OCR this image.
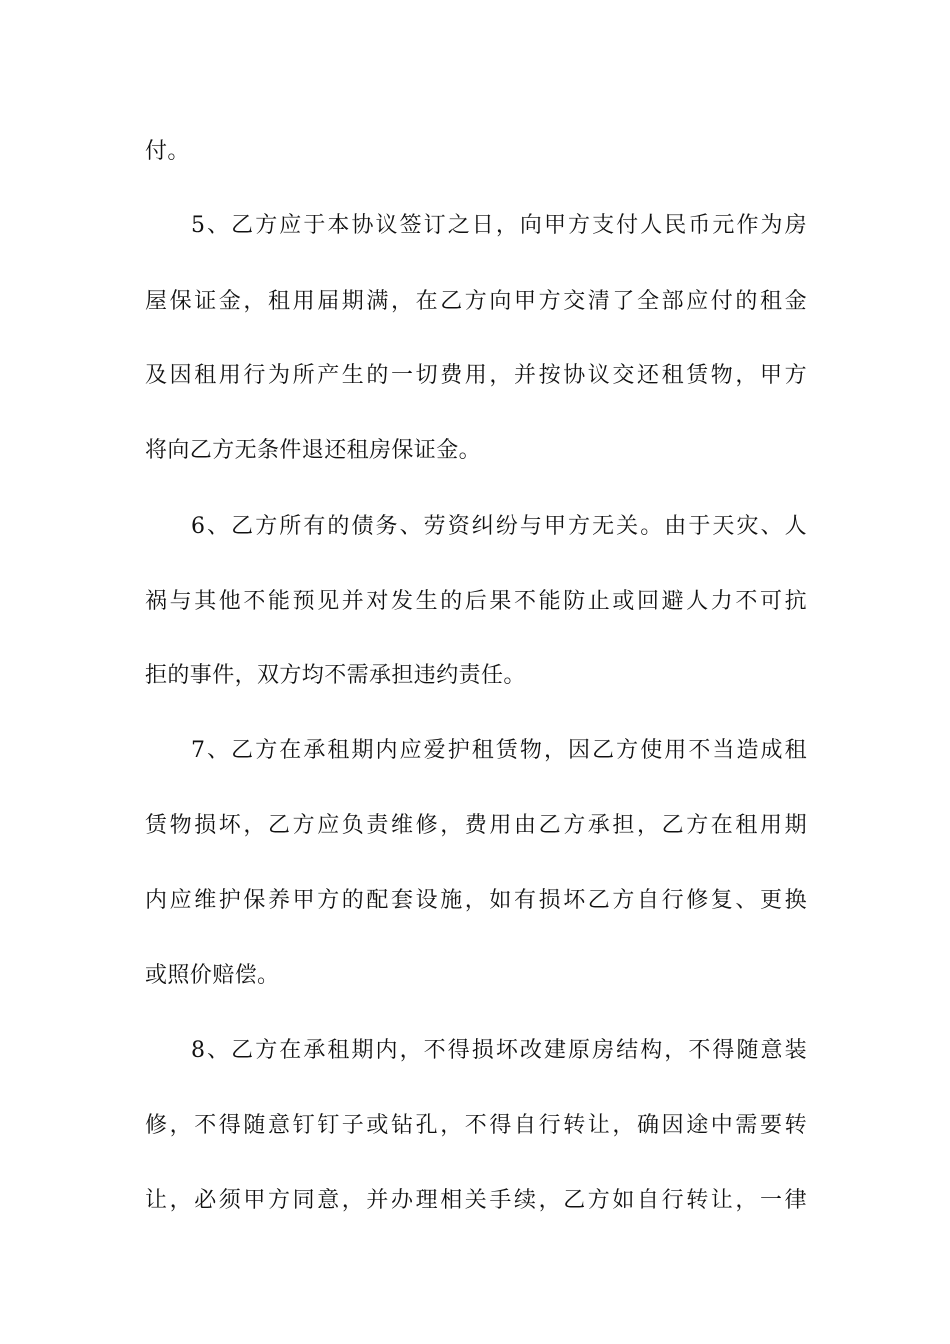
付。
5、乙方应于本协议签订之日，向甲方支付人民币元作为房
屋保证金，租用届期满，在乙方向甲方交清了全部应付的租金
及因租用行为所产生的一切费用，并按协议交还租赁物，甲方
将向乙方无条件退还租房保证金。
6、乙方所有的债务、劳资纠纷与甲方无关。由于天灾、人
祸与其他不能预见并对发生的后果不能防止或回避人力不可抗
拒的事件，双方均不需承担违约责任。
7、乙方在承租期内应爱护租赁物，因乙方使用不当造成租
赁物损坏，乙方应负责维修，费用由乙方承担，乙方在租用期
内应维护保养甲方的配套设施，如有损坏乙方自行修复、更换
或照价赔偿。
8、乙方在承租期内，不得损坏改建原房结构，不得随意装
修，不得随意钉钉子或钻孔，不得自行转让，确因途中需要转
让，必须甲方同意，并办理相关手续，乙方如自行转让，一律
